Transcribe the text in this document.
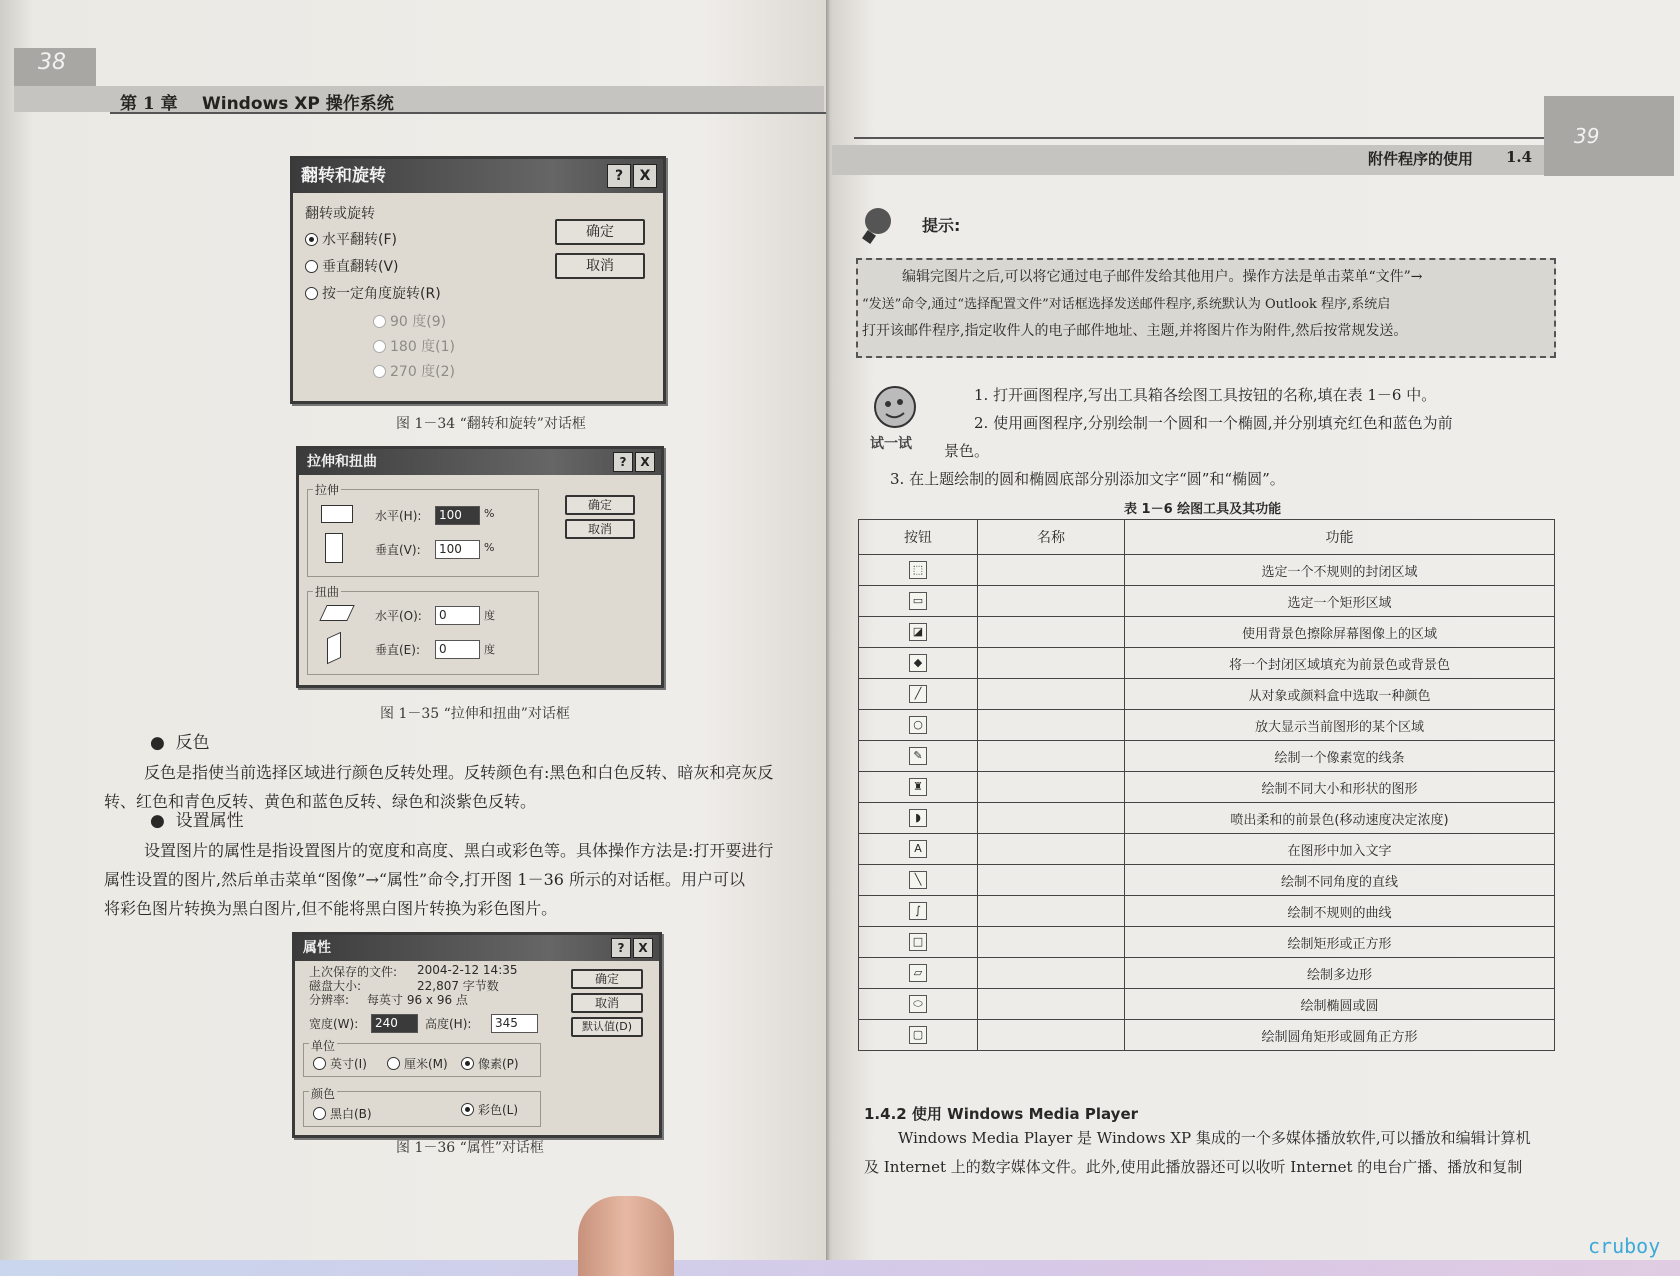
38
第 1 章 Windows XP 操作系统
翻转和旋转	?	X
翻转或旋转
水平翻转(F)
垂直翻转(V)
按一定角度旋转(R)
90 度(9)
180 度(1)
270 度(2)
确定
取消
图 1－34 “翻转和旋转”对话框
拉伸和扭曲	?	X
拉伸
水平(H):	100	%
垂直(V):	100	%
扭曲
水平(O):	0	度
垂直(E):	0	度
确定
取消
图 1－35 “拉伸和扭曲”对话框
●  反色
反色是指使当前选择区域进行颜色反转处理。反转颜色有:黑色和白色反转、暗灰和亮灰反
转、红色和青色反转、黄色和蓝色反转、绿色和淡紫色反转。
●  设置属性
设置图片的属性是指设置图片的宽度和高度、黑白或彩色等。具体操作方法是:打开要进行
属性设置的图片,然后单击菜单“图像”→“属性”命令,打开图 1－36 所示的对话框。用户可以
将彩色图片转换为黑白图片,但不能将黑白图片转换为彩色图片。
属性	?	X
上次保存的文件: 2004-2-12 14:35
磁盘大小:	22,807 字节数
分辨率: 每英寸 96 x 96 点
宽度(W):	240	高度(H):	345
单位
英寸(I)	厘米(M)	像素(P)
颜色
黑白(B)	彩色(L)
确定
取消
默认值(D)
图 1－36 “属性”对话框
39
附件程序的使用 1.4
提示:
编辑完图片之后,可以将它通过电子邮件发给其他用户。操作方法是单击菜单“文件”→
“发送”命令,通过“选择配置文件”对话框选择发送邮件程序,系统默认为 Outlook 程序,系统启
打开该邮件程序,指定收件人的电子邮件地址、主题,并将图片作为附件,然后按常规发送。
试一试
1. 打开画图程序,写出工具箱各绘图工具按钮的名称,填在表 1－6 中。
2. 使用画图程序,分别绘制一个圆和一个椭圆,并分别填充红色和蓝色为前
景色。
3. 在上题绘制的圆和椭圆底部分别添加文字“圆”和“椭圆”。
表 1－6 绘图工具及其功能
按钮	名称	功能
⬚		选定一个不规则的封闭区域
▭		选定一个矩形区域
◪		使用背景色擦除屏幕图像上的区域
◆		将一个封闭区域填充为前景色或背景色
╱		从对象或颜料盒中选取一种颜色
○		放大显示当前图形的某个区域
✎		绘制一个像素宽的线条
♜		绘制不同大小和形状的图形
◗		喷出柔和的前景色(移动速度决定浓度)
A		在图形中加入文字
╲		绘制不同角度的直线
∫		绘制不规则的曲线
□		绘制矩形或正方形
▱		绘制多边形
⬭		绘制椭圆或圆
▢		绘制圆角矩形或圆角正方形
1.4.2 使用 Windows Media Player
Windows Media Player 是 Windows XP 集成的一个多媒体播放软件,可以播放和编辑计算机
及 Internet 上的数字媒体文件。此外,使用此播放器还可以收听 Internet 的电台广播、播放和复制
cruboy
